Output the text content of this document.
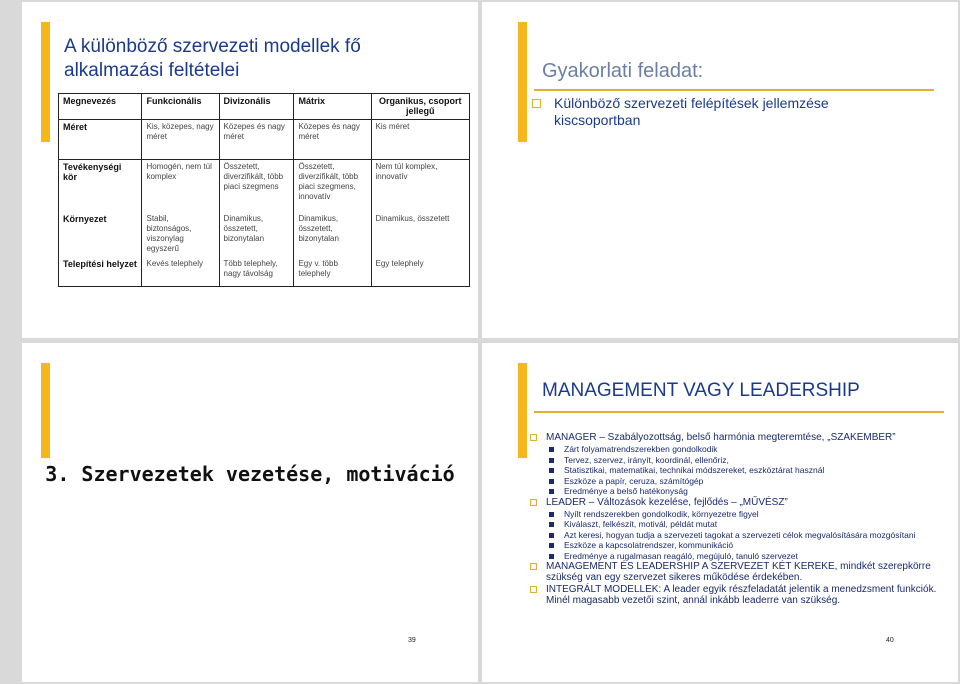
A különböző szervezeti modellek fő alkalmazási feltételei
Megnevezés	Funkcionális	Divizonális	Mátrix	Organikus, csoport jellegű
Méret	Kis, közepes, nagy méret	Közepes és nagy méret	Közepes és nagy méret	Kis méret
Tevékenységi kör	Homogén, nem túl komplex	Összetett, diverzifikált, több piaci szegmens	Összetett, diverzifikált, több piaci szegmens, innovatív	Nem túl komplex, innovatív
Környezet	Stabil, biztonságos, viszonylag egyszerű	Dinamikus, összetett, bizonytalan	Dinamikus, összetett, bizonytalan	Dinamikus, összetett
Telepítési helyzet	Kevés telephely	Több telephely, nagy távolság	Egy v. több telephely	Egy telephely
Gyakorlati feladat:
Különböző szervezeti felépítések jellemzése kiscsoportban
3. Szervezetek vezetése, motiváció
39
MANAGEMENT VAGY LEADERSHIP
MANAGER – Szabályozottság, belső harmónia megteremtése, „SZAKEMBER”
Zárt folyamatrendszerekben gondolkodik
Tervez, szervez, irányít, koordinál, ellenőriz,
Statisztikai, matematikai, technikai módszereket, eszköztárat használ
Eszköze a papír, ceruza, számítógép
Eredménye a belső hatékonyság
LEADER – Változások kezelése, fejlődés – „MŰVÉSZ”
Nyílt rendszerekben gondolkodik, környezetre figyel
Kiválaszt, felkészít, motivál, példát mutat
Azt keresi, hogyan tudja a szervezeti tagokat a szervezeti célok megvalósítására mozgósítani
Eszköze a kapcsolatrendszer, kommunikáció
Eredménye a rugalmasan reagáló, megújuló, tanuló szervezet
MANAGEMENT ÉS LEADERSHIP A SZERVEZET KÉT KEREKE, mindkét szerepkörre szükség van egy szervezet sikeres működése érdekében.
INTEGRÁLT MODELLEK: A leader egyik részfeladatát jelentik a menedzsment funkciók. Minél magasabb vezetői szint, annál inkább leaderre van szükség.
40
